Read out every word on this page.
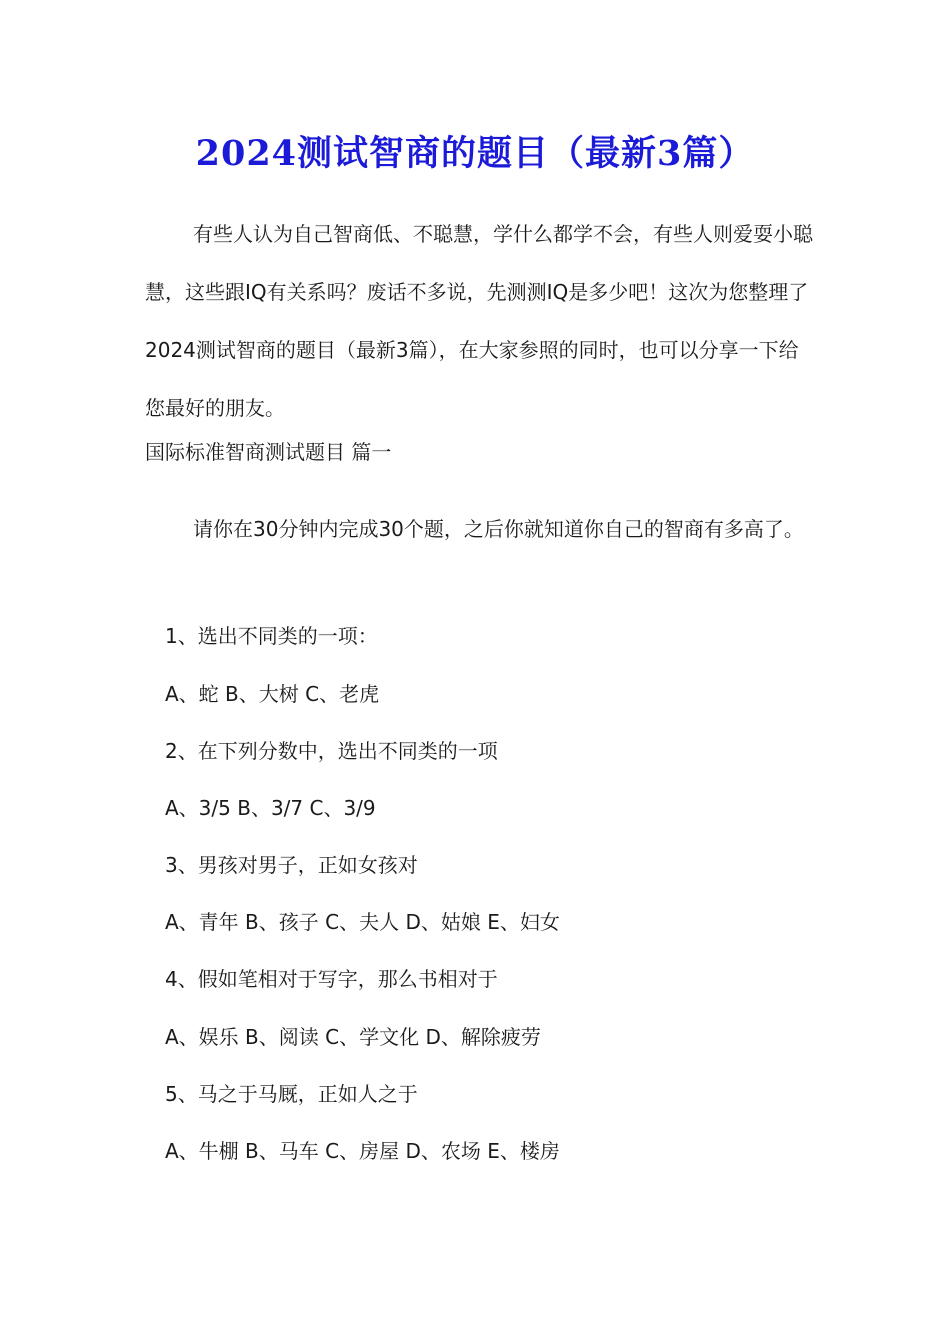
2024测试智商的题目（最新3篇）

有些人认为自己智商低、不聪慧，学什么都学不会，有些人则爱耍小聪慧，这些跟IQ有关系吗？废话不多说，先测测IQ是多少吧！这次为您整理了2024测试智商的题目（最新3篇），在大家参照的同时，也可以分享一下给您最好的朋友。

国际标准智商测试题目 篇一

请你在30分钟内完成30个题，之后你就知道你自己的智商有多高了。

1、选出不同类的一项：
A、蛇 B、大树 C、老虎
2、在下列分数中，选出不同类的一项
A、3/5 B、3/7 C、3/9
3、男孩对男子，正如女孩对
A、青年 B、孩子 C、夫人 D、姑娘 E、妇女
4、假如笔相对于写字，那么书相对于
A、娱乐 B、阅读 C、学文化 D、解除疲劳
5、马之于马厩，正如人之于
A、牛棚 B、马车 C、房屋 D、农场 E、楼房
